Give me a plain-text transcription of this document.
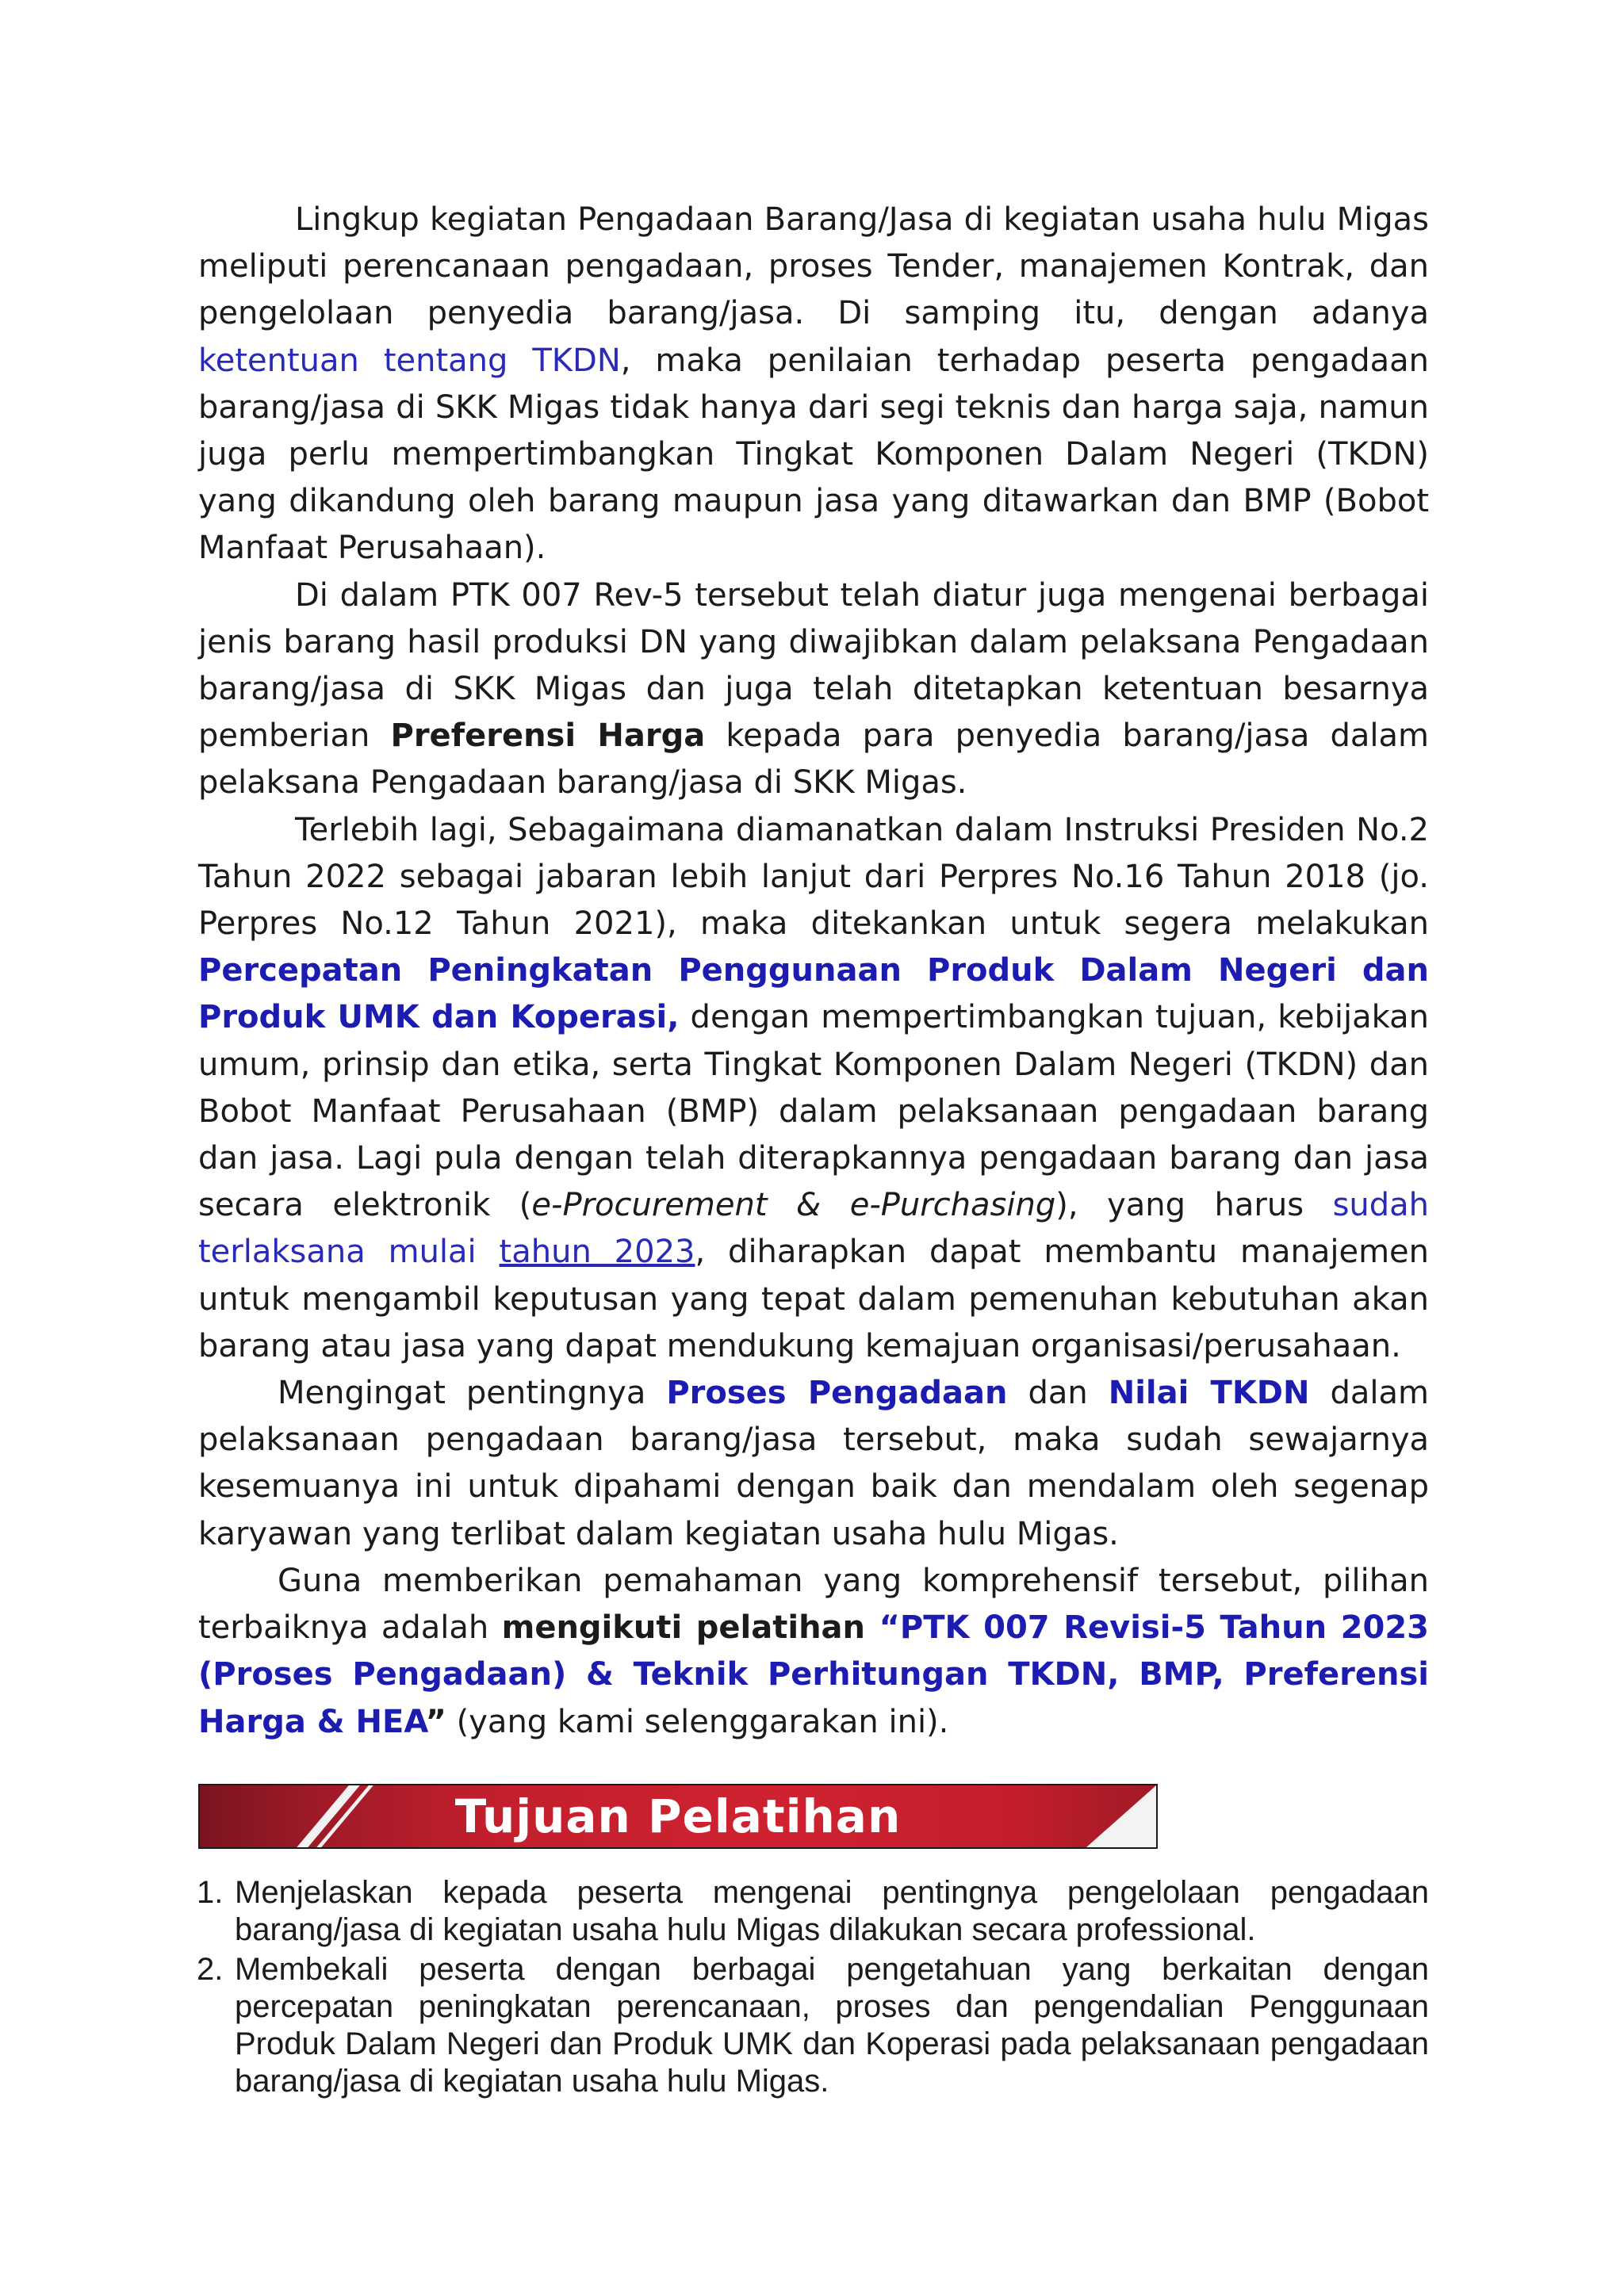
Lingkup kegiatan Pengadaan Barang/Jasa di kegiatan usaha hulu Migas meliputi perencanaan pengadaan, proses Tender, manajemen Kontrak, dan pengelolaan penyedia barang/jasa. Di samping itu, dengan adanya ketentuan tentang TKDN, maka penilaian terhadap peserta pengadaan barang/jasa di SKK Migas tidak hanya dari segi teknis dan harga saja, namun juga perlu mempertimbangkan Tingkat Komponen Dalam Negeri (TKDN) yang dikandung oleh barang maupun jasa yang ditawarkan dan BMP (Bobot Manfaat Perusahaan).

Di dalam PTK 007 Rev-5 tersebut telah diatur juga mengenai berbagai jenis barang hasil produksi DN yang diwajibkan dalam pelaksana Pengadaan barang/jasa di SKK Migas dan juga telah ditetapkan ketentuan besarnya pemberian Preferensi Harga kepada para penyedia barang/jasa dalam pelaksana Pengadaan barang/jasa di SKK Migas.

Terlebih lagi, Sebagaimana diamanatkan dalam Instruksi Presiden No.2 Tahun 2022 sebagai jabaran lebih lanjut dari Perpres No.16 Tahun 2018 (jo. Perpres No.12 Tahun 2021), maka ditekankan untuk segera melakukan Percepatan Peningkatan Penggunaan Produk Dalam Negeri dan Produk UMK dan Koperasi, dengan mempertimbangkan tujuan, kebijakan umum, prinsip dan etika, serta Tingkat Komponen Dalam Negeri (TKDN) dan Bobot Manfaat Perusahaan (BMP) dalam pelaksanaan pengadaan barang dan jasa. Lagi pula dengan telah diterapkannya pengadaan barang dan jasa secara elektronik (e-Procurement & e-Purchasing), yang harus sudah terlaksana mulai tahun 2023, diharapkan dapat membantu manajemen untuk mengambil keputusan yang tepat dalam pemenuhan kebutuhan akan barang atau jasa yang dapat mendukung kemajuan organisasi/perusahaan.

Mengingat pentingnya Proses Pengadaan dan Nilai TKDN dalam pelaksanaan pengadaan barang/jasa tersebut, maka sudah sewajarnya kesemuanya ini untuk dipahami dengan baik dan mendalam oleh segenap karyawan yang terlibat dalam kegiatan usaha hulu Migas.

Guna memberikan pemahaman yang komprehensif tersebut, pilihan terbaiknya adalah mengikuti pelatihan “PTK 007 Revisi-5 Tahun 2023 (Proses Pengadaan) & Teknik Perhitungan TKDN, BMP, Preferensi Harga & HEA” (yang kami selenggarakan ini).

Tujuan Pelatihan
1. Menjelaskan kepada peserta mengenai pentingnya pengelolaan pengadaan barang/jasa di kegiatan usaha hulu Migas dilakukan secara professional.
2. Membekali peserta dengan berbagai pengetahuan yang berkaitan dengan percepatan peningkatan perencanaan, proses dan pengendalian Penggunaan Produk Dalam Negeri dan Produk UMK dan Koperasi pada pelaksanaan pengadaan barang/jasa di kegiatan usaha hulu Migas.
